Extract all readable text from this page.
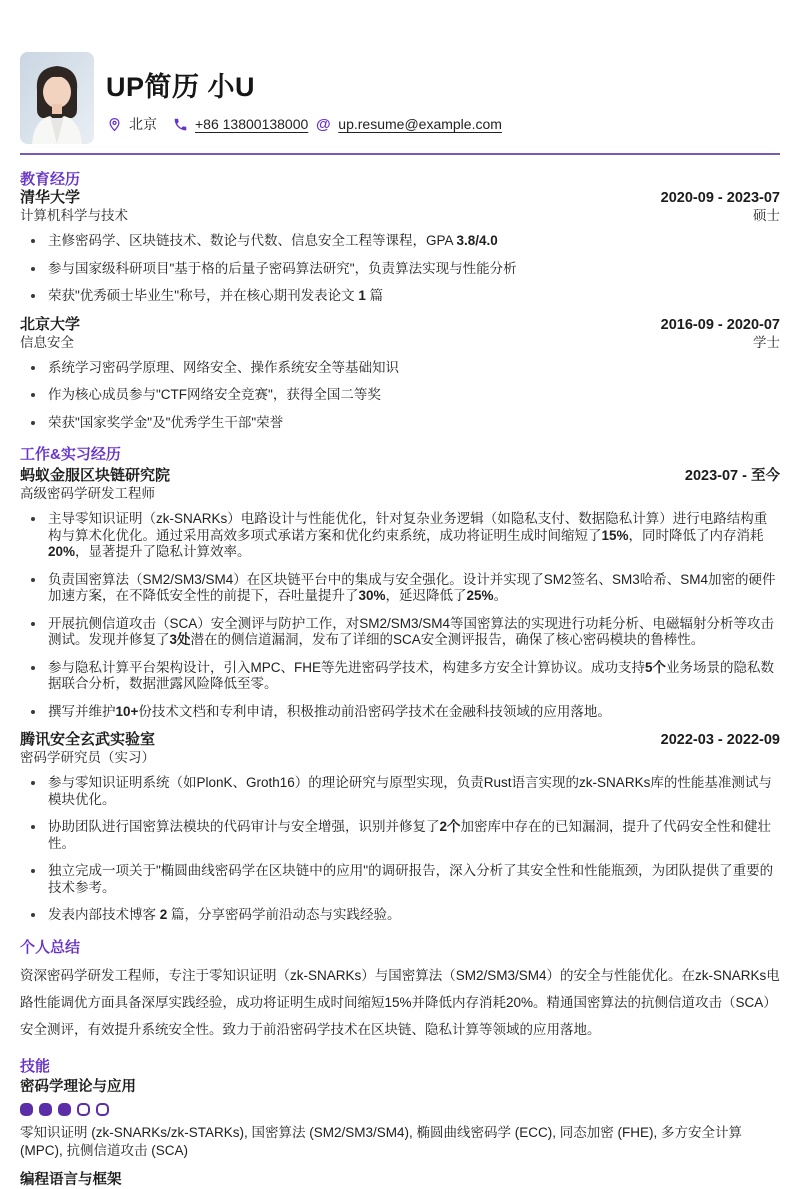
UP简历 小U
北京	+86 13800138000 @ up.resume@example.com
教育经历
清华大学	2020-09 - 2023-07
计算机科学与技术	硕士
主修密码学、区块链技术、数论与代数、信息安全工程等课程，GPA 3.8/4.0
参与国家级科研项目"基于格的后量子密码算法研究"，负责算法实现与性能分析
荣获"优秀硕士毕业生"称号，并在核心期刊发表论文 1 篇
北京大学	2016-09 - 2020-07
信息安全	学士
系统学习密码学原理、网络安全、操作系统安全等基础知识
作为核心成员参与"CTF网络安全竞赛"，获得全国二等奖
荣获"国家奖学金"及"优秀学生干部"荣誉
工作&实习经历
蚂蚁金服区块链研究院	2023-07 - 至今
高级密码学研发工程师
主导零知识证明（zk-SNARKs）电路设计与性能优化，针对复杂业务逻辑（如隐私支付、数据隐私计算）进行电路结构重构与算术化优化。通过采用高效多项式承诺方案和优化约束系统，成功将证明生成时间缩短了15%，同时降低了内存消耗20%，显著提升了隐私计算效率。
负责国密算法（SM2/SM3/SM4）在区块链平台中的集成与安全强化。设计并实现了SM2签名、SM3哈希、SM4加密的硬件加速方案，在不降低安全性的前提下，吞吐量提升了30%，延迟降低了25%。
开展抗侧信道攻击（SCA）安全测评与防护工作，对SM2/SM3/SM4等国密算法的实现进行功耗分析、电磁辐射分析等攻击测试。发现并修复了3处潜在的侧信道漏洞，发布了详细的SCA安全测评报告，确保了核心密码模块的鲁棒性。
参与隐私计算平台架构设计，引入MPC、FHE等先进密码学技术，构建多方安全计算协议。成功支持5个业务场景的隐私数据联合分析，数据泄露风险降低至零。
撰写并维护10+份技术文档和专利申请，积极推动前沿密码学技术在金融科技领域的应用落地。
腾讯安全玄武实验室	2022-03 - 2022-09
密码学研究员（实习）
参与零知识证明系统（如PlonK、Groth16）的理论研究与原型实现，负责Rust语言实现的zk-SNARKs库的性能基准测试与模块优化。
协助团队进行国密算法模块的代码审计与安全增强，识别并修复了2个加密库中存在的已知漏洞，提升了代码安全性和健壮性。
独立完成一项关于"椭圆曲线密码学在区块链中的应用"的调研报告，深入分析了其安全性和性能瓶颈，为团队提供了重要的技术参考。
发表内部技术博客 2 篇，分享密码学前沿动态与实践经验。
个人总结

资深密码学研发工程师，专注于零知识证明（zk-SNARKs）与国密算法（SM2/SM3/SM4）的安全与性能优化。在zk-SNARKs电路性能调优方面具备深厚实践经验，成功将证明生成时间缩短15%并降低内存消耗20%。精通国密算法的抗侧信道攻击（SCA）安全测评，有效提升系统安全性。致力于前沿密码学技术在区块链、隐私计算等领域的应用落地。

技能
密码学理论与应用
零知识证明 (zk-SNARKs/zk-STARKs), 国密算法 (SM2/SM3/SM4), 椭圆曲线密码学 (ECC), 同态加密 (FHE), 多方安全计算 (MPC), 抗侧信道攻击 (SCA)
编程语言与框架
